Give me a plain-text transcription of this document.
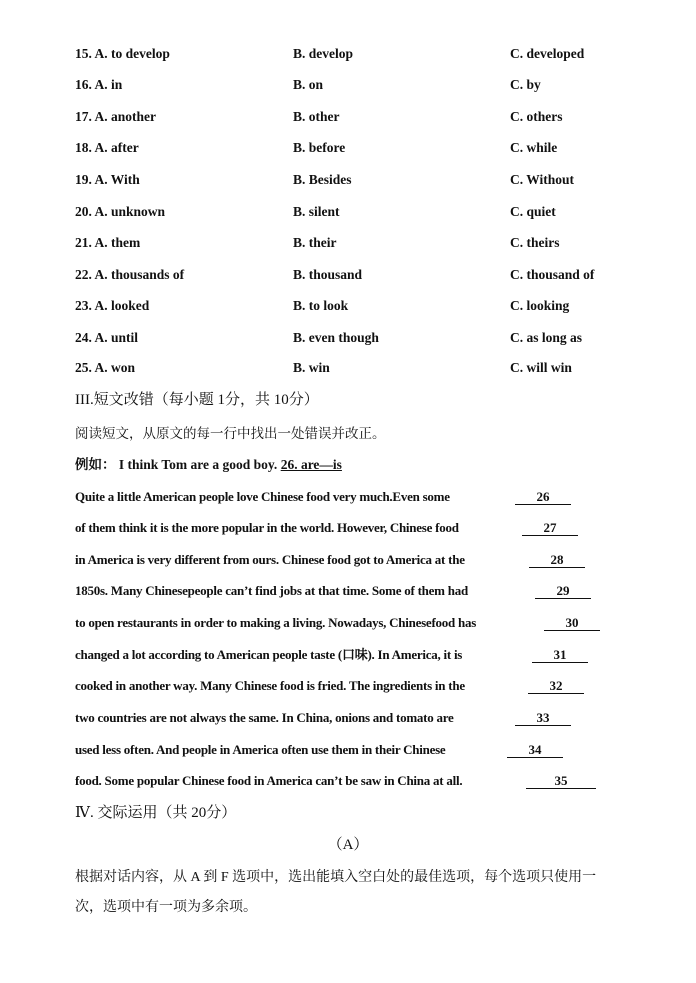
15. A. to develop	B. develop	C. developed
16. A. in	B. on	C. by
17. A. another	B. other	C. others
18. A. after	B. before	C. while
19. A. With	B. Besides	C. Without
20. A. unknown	B. silent	C. quiet
21. A. them	B. their	C. theirs
22. A. thousands of	B. thousand	C. thousand of
23. A. looked	B. to look	C. looking
24. A. until	B. even though	C. as long as
25. A. won	B. win	C. will win
III.短文改错（每小题 1分，共 10分）
阅读短文，从原文的每一行中找出一处错误并改正。
例如： I think Tom are a good boy. 26. are—is
Quite a little American people love Chinese food very much.Even some	26
of them think it is the more popular in the world. However, Chinese food	27
in America is very different from ours. Chinese food got to America at the	28
1850s. Many Chinesepeople can’t find jobs at that time. Some of them had	29
to open restaurants in order to making a living. Nowadays, Chinesefood has	30
changed a lot according to American people taste (口味). In America, it is	31
cooked in another way. Many Chinese food is fried. The ingredients in the	32
two countries are not always the same. In China, onions and tomato are	33
used less often. And people in America often use them in their Chinese	34
food. Some popular Chinese food in America can’t be saw in China at all.	35
Ⅳ. 交际运用（共 20分）
（A）
根据对话内容，从 A 到 F 选项中，选出能填入空白处的最佳选项，每个选项只使用一次，选项中有一项为多余项。
